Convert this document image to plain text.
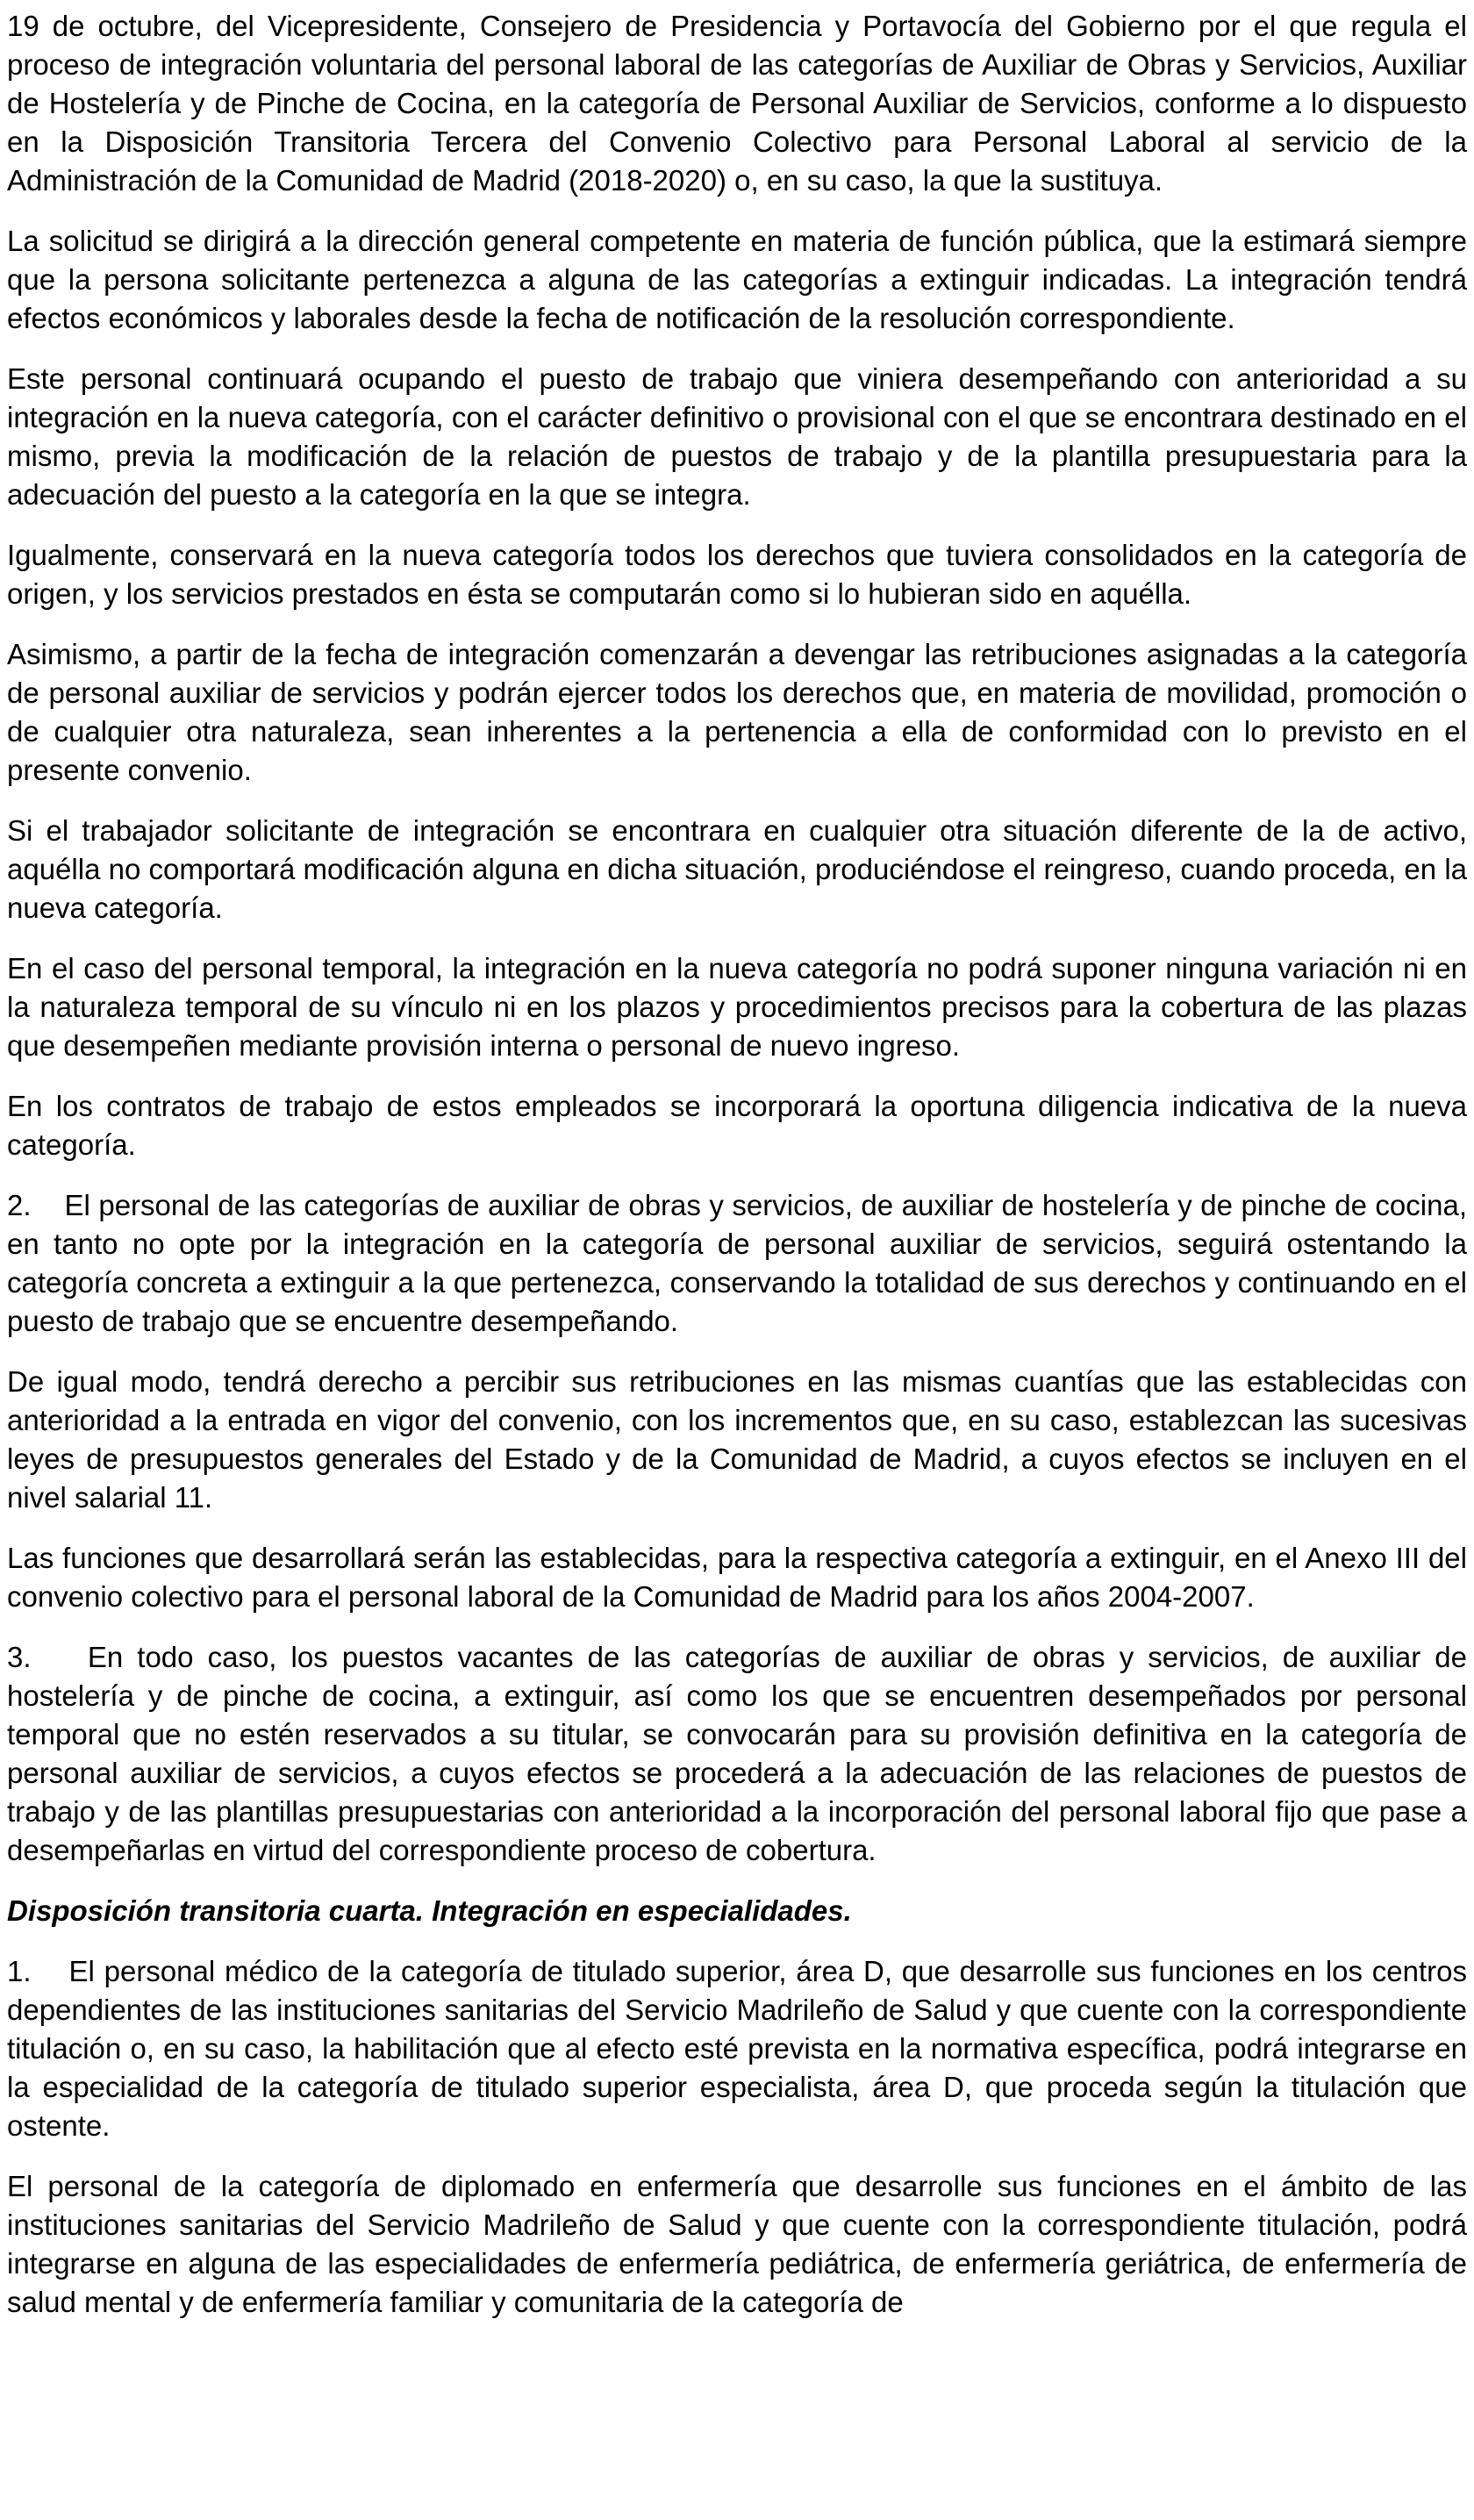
19 de octubre, del Vicepresidente, Consejero de Presidencia y Portavocía del Gobierno por el que regula el proceso de integración voluntaria del personal laboral de las categorías de Auxiliar de Obras y Servicios, Auxiliar de Hostelería y de Pinche de Cocina, en la categoría de Personal Auxiliar de Servicios, conforme a lo dispuesto en la Disposición Transitoria Tercera del Convenio Colectivo para Personal Laboral al servicio de la Administración de la Comunidad de Madrid (2018-2020) o, en su caso, la que la sustituya.

La solicitud se dirigirá a la dirección general competente en materia de función pública, que la estimará siempre que la persona solicitante pertenezca a alguna de las categorías a extinguir indicadas. La integración tendrá efectos económicos y laborales desde la fecha de notificación de la resolución correspondiente.

Este personal continuará ocupando el puesto de trabajo que viniera desempeñando con anterioridad a su integración en la nueva categoría, con el carácter definitivo o provisional con el que se encontrara destinado en el mismo, previa la modificación de la relación de puestos de trabajo y de la plantilla presupuestaria para la adecuación del puesto a la categoría en la que se integra.

Igualmente, conservará en la nueva categoría todos los derechos que tuviera consolidados en la categoría de origen, y los servicios prestados en ésta se computarán como si lo hubieran sido en aquélla.

Asimismo, a partir de la fecha de integración comenzarán a devengar las retribuciones asignadas a la categoría de personal auxiliar de servicios y podrán ejercer todos los derechos que, en materia de movilidad, promoción o de cualquier otra naturaleza, sean inherentes a la pertenencia a ella de conformidad con lo previsto en el presente convenio.

Si el trabajador solicitante de integración se encontrara en cualquier otra situación diferente de la de activo, aquélla no comportará modificación alguna en dicha situación, produciéndose el reingreso, cuando proceda, en la nueva categoría.

En el caso del personal temporal, la integración en la nueva categoría no podrá suponer ninguna variación ni en la naturaleza temporal de su vínculo ni en los plazos y procedimientos precisos para la cobertura de las plazas que desempeñen mediante provisión interna o personal de nuevo ingreso.

En los contratos de trabajo de estos empleados se incorporará la oportuna diligencia indicativa de la nueva categoría.

2.    El personal de las categorías de auxiliar de obras y servicios, de auxiliar de hostelería y de pinche de cocina, en tanto no opte por la integración en la categoría de personal auxiliar de servicios, seguirá ostentando la categoría concreta a extinguir a la que pertenezca, conservando la totalidad de sus derechos y continuando en el puesto de trabajo que se encuentre desempeñando.

De igual modo, tendrá derecho a percibir sus retribuciones en las mismas cuantías que las establecidas con anterioridad a la entrada en vigor del convenio, con los incrementos que, en su caso, establezcan las sucesivas leyes de presupuestos generales del Estado y de la Comunidad de Madrid, a cuyos efectos se incluyen en el nivel salarial 11.

Las funciones que desarrollará serán las establecidas, para la respectiva categoría a extinguir, en el Anexo III del convenio colectivo para el personal laboral de la Comunidad de Madrid para los años 2004-2007.

3.    En todo caso, los puestos vacantes de las categorías de auxiliar de obras y servicios, de auxiliar de hostelería y de pinche de cocina, a extinguir, así como los que se encuentren desempeñados por personal temporal que no estén reservados a su titular, se convocarán para su provisión definitiva en la categoría de personal auxiliar de servicios, a cuyos efectos se procederá a la adecuación de las relaciones de puestos de trabajo y de las plantillas presupuestarias con anterioridad a la incorporación del personal laboral fijo que pase a desempeñarlas en virtud del correspondiente proceso de cobertura.

Disposición transitoria cuarta. Integración en especialidades.

1.    El personal médico de la categoría de titulado superior, área D, que desarrolle sus funciones en los centros dependientes de las instituciones sanitarias del Servicio Madrileño de Salud y que cuente con la correspondiente titulación o, en su caso, la habilitación que al efecto esté prevista en la normativa específica, podrá integrarse en la especialidad de la categoría de titulado superior especialista, área D, que proceda según la titulación que ostente.

El personal de la categoría de diplomado en enfermería que desarrolle sus funciones en el ámbito de las instituciones sanitarias del Servicio Madrileño de Salud y que cuente con la correspondiente titulación, podrá integrarse en alguna de las especialidades de enfermería pediátrica, de enfermería geriátrica, de enfermería de salud mental y de enfermería familiar y comunitaria de la categoría de
